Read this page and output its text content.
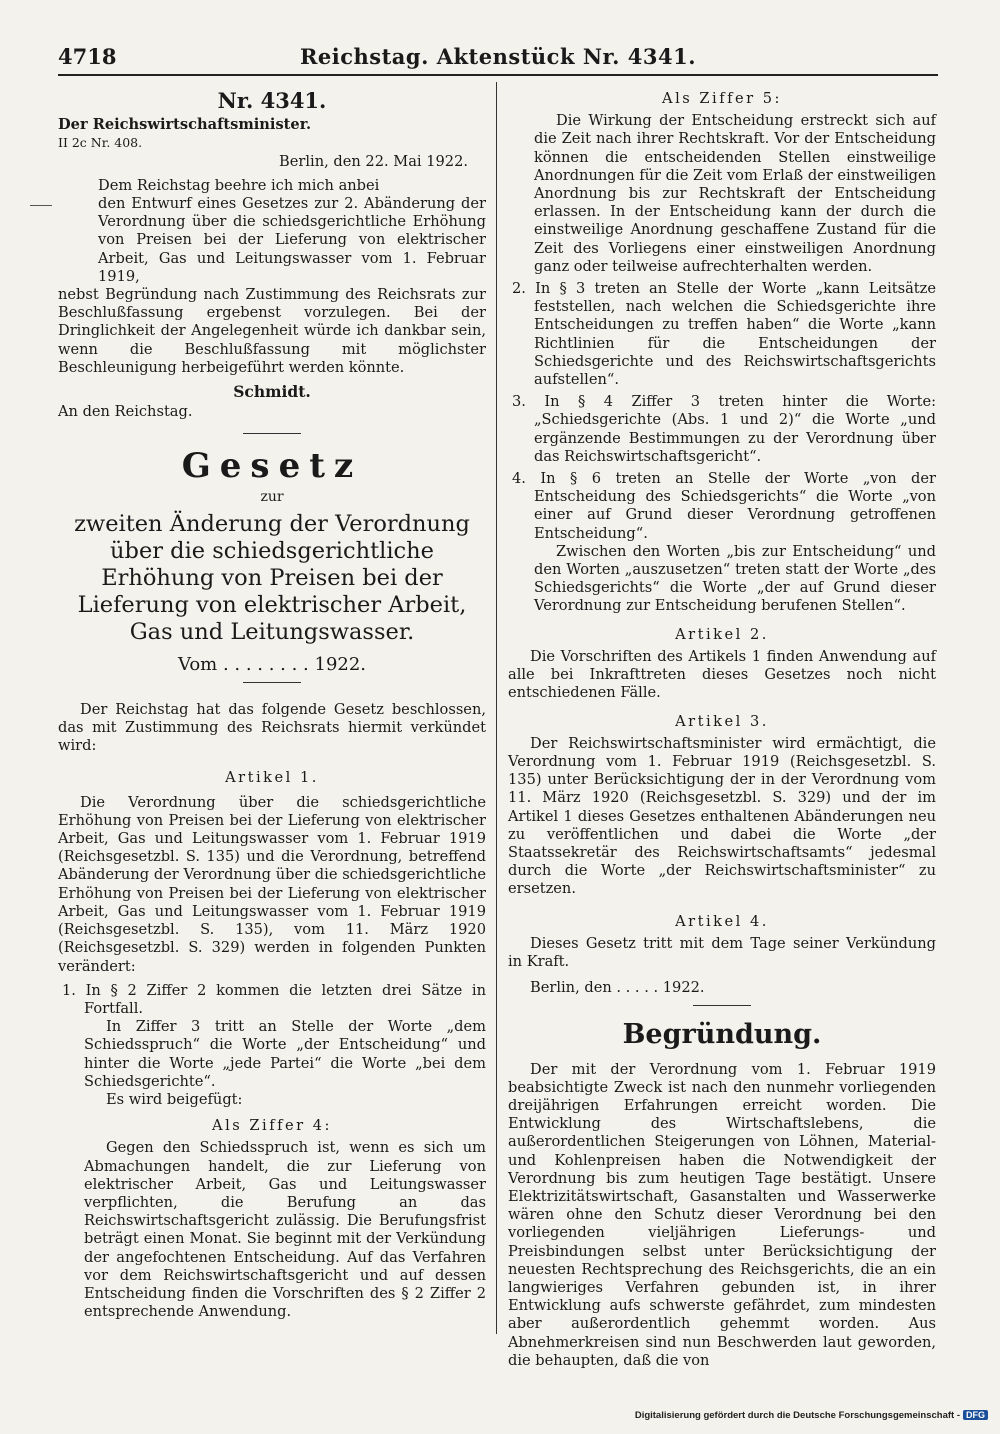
4718	Reichstag. Aktenstück Nr. 4341.
Nr. 4341.

Der Reichswirtschaftsminister.

II 2c Nr. 408.

Berlin, den 22. Mai 1922.

Dem Reichstag beehre ich mich anbei

den Entwurf eines Gesetzes zur 2. Abänderung der Verordnung über die schiedsgerichtliche Erhöhung von Preisen bei der Lieferung von elektrischer Arbeit, Gas und Leitungswasser vom 1. Februar 1919,

nebst Begründung nach Zustimmung des Reichsrats zur Beschlußfassung ergebenst vorzulegen. Bei der Dringlichkeit der Angelegenheit würde ich dankbar sein, wenn die Beschlußfassung mit möglichster Beschleunigung herbeigeführt werden könnte.

Schmidt.

An den Reichstag.

Gesetz
zur
zweiten Änderung der Verordnung über die schiedsgerichtliche Erhöhung von Preisen bei der Lieferung von elektrischer Arbeit, Gas und Leitungswasser.
Vom . . . . . . . . 1922.

Der Reichstag hat das folgende Gesetz beschlossen, das mit Zustimmung des Reichsrats hiermit verkündet wird:

Artikel 1.

Die Verordnung über die schiedsgerichtliche Erhöhung von Preisen bei der Lieferung von elektrischer Arbeit, Gas und Leitungswasser vom 1. Februar 1919 (Reichsgesetzbl. S. 135) und die Verordnung, betreffend Abänderung der Verordnung über die schiedsgerichtliche Erhöhung von Preisen bei der Lieferung von elektrischer Arbeit, Gas und Leitungswasser vom 1. Februar 1919 (Reichsgesetzbl. S. 135), vom 11. März 1920 (Reichsgesetzbl. S. 329) werden in folgenden Punkten verändert:

1. In § 2 Ziffer 2 kommen die letzten drei Sätze in Fortfall.

In Ziffer 3 tritt an Stelle der Worte „dem Schiedsspruch“ die Worte „der Entscheidung“ und hinter die Worte „jede Partei“ die Worte „bei dem Schiedsgerichte“.

Es wird beigefügt:

Als Ziffer 4:

Gegen den Schiedsspruch ist, wenn es sich um Abmachungen handelt, die zur Lieferung von elektrischer Arbeit, Gas und Leitungswasser verpflichten, die Berufung an das Reichswirtschaftsgericht zulässig. Die Berufungsfrist beträgt einen Monat. Sie beginnt mit der Verkündung der angefochtenen Entscheidung. Auf das Verfahren vor dem Reichswirtschaftsgericht und auf dessen Entscheidung finden die Vorschriften des § 2 Ziffer 2 entsprechende Anwendung.

Als Ziffer 5:

Die Wirkung der Entscheidung erstreckt sich auf die Zeit nach ihrer Rechtskraft. Vor der Entscheidung können die entscheidenden Stellen einstweilige Anordnungen für die Zeit vom Erlaß der einstweiligen Anordnung bis zur Rechtskraft der Entscheidung erlassen. In der Entscheidung kann der durch die einstweilige Anordnung geschaffene Zustand für die Zeit des Vorliegens einer einstweiligen Anordnung ganz oder teilweise aufrechterhalten werden.

2. In § 3 treten an Stelle der Worte „kann Leitsätze feststellen, nach welchen die Schiedsgerichte ihre Entscheidungen zu treffen haben“ die Worte „kann Richtlinien für die Entscheidungen der Schiedsgerichte und des Reichswirtschaftsgerichts aufstellen“.

3. In § 4 Ziffer 3 treten hinter die Worte: „Schiedsgerichte (Abs. 1 und 2)“ die Worte „und ergänzende Bestimmungen zu der Verordnung über das Reichswirtschaftsgericht“.

4. In § 6 treten an Stelle der Worte „von der Entscheidung des Schiedsgerichts“ die Worte „von einer auf Grund dieser Verordnung getroffenen Entscheidung“.

Zwischen den Worten „bis zur Entscheidung“ und den Worten „auszusetzen“ treten statt der Worte „des Schiedsgerichts“ die Worte „der auf Grund dieser Verordnung zur Entscheidung berufenen Stellen“.

Artikel 2.

Die Vorschriften des Artikels 1 finden Anwendung auf alle bei Inkrafttreten dieses Gesetzes noch nicht entschiedenen Fälle.

Artikel 3.

Der Reichswirtschaftsminister wird ermächtigt, die Verordnung vom 1. Februar 1919 (Reichsgesetzbl. S. 135) unter Berücksichtigung der in der Verordnung vom 11. März 1920 (Reichsgesetzbl. S. 329) und der im Artikel 1 dieses Gesetzes enthaltenen Abänderungen neu zu veröffentlichen und dabei die Worte „der Staatssekretär des Reichswirtschaftsamts“ jedesmal durch die Worte „der Reichswirtschaftsminister“ zu ersetzen.

Artikel 4.

Dieses Gesetz tritt mit dem Tage seiner Verkündung in Kraft.

Berlin, den . . . . . 1922.

Begründung.

Der mit der Verordnung vom 1. Februar 1919 beabsichtigte Zweck ist nach den nunmehr vorliegenden dreijährigen Erfahrungen erreicht worden. Die Entwicklung des Wirtschaftslebens, die außerordentlichen Steigerungen von Löhnen, Material- und Kohlenpreisen haben die Notwendigkeit der Verordnung bis zum heutigen Tage bestätigt. Unsere Elektrizitätswirtschaft, Gasanstalten und Wasserwerke wären ohne den Schutz dieser Verordnung bei den vorliegenden vieljährigen Lieferungs- und Preisbindungen selbst unter Berücksichtigung der neuesten Rechtsprechung des Reichsgerichts, die an ein langwieriges Verfahren gebunden ist, in ihrer Entwicklung aufs schwerste gefährdet, zum mindesten aber außerordentlich gehemmt worden. Aus Abnehmerkreisen sind nun Beschwerden laut geworden, die behaupten, daß die von

Digitalisierung gefördert durch die Deutsche Forschungsgemeinschaft - DFG
